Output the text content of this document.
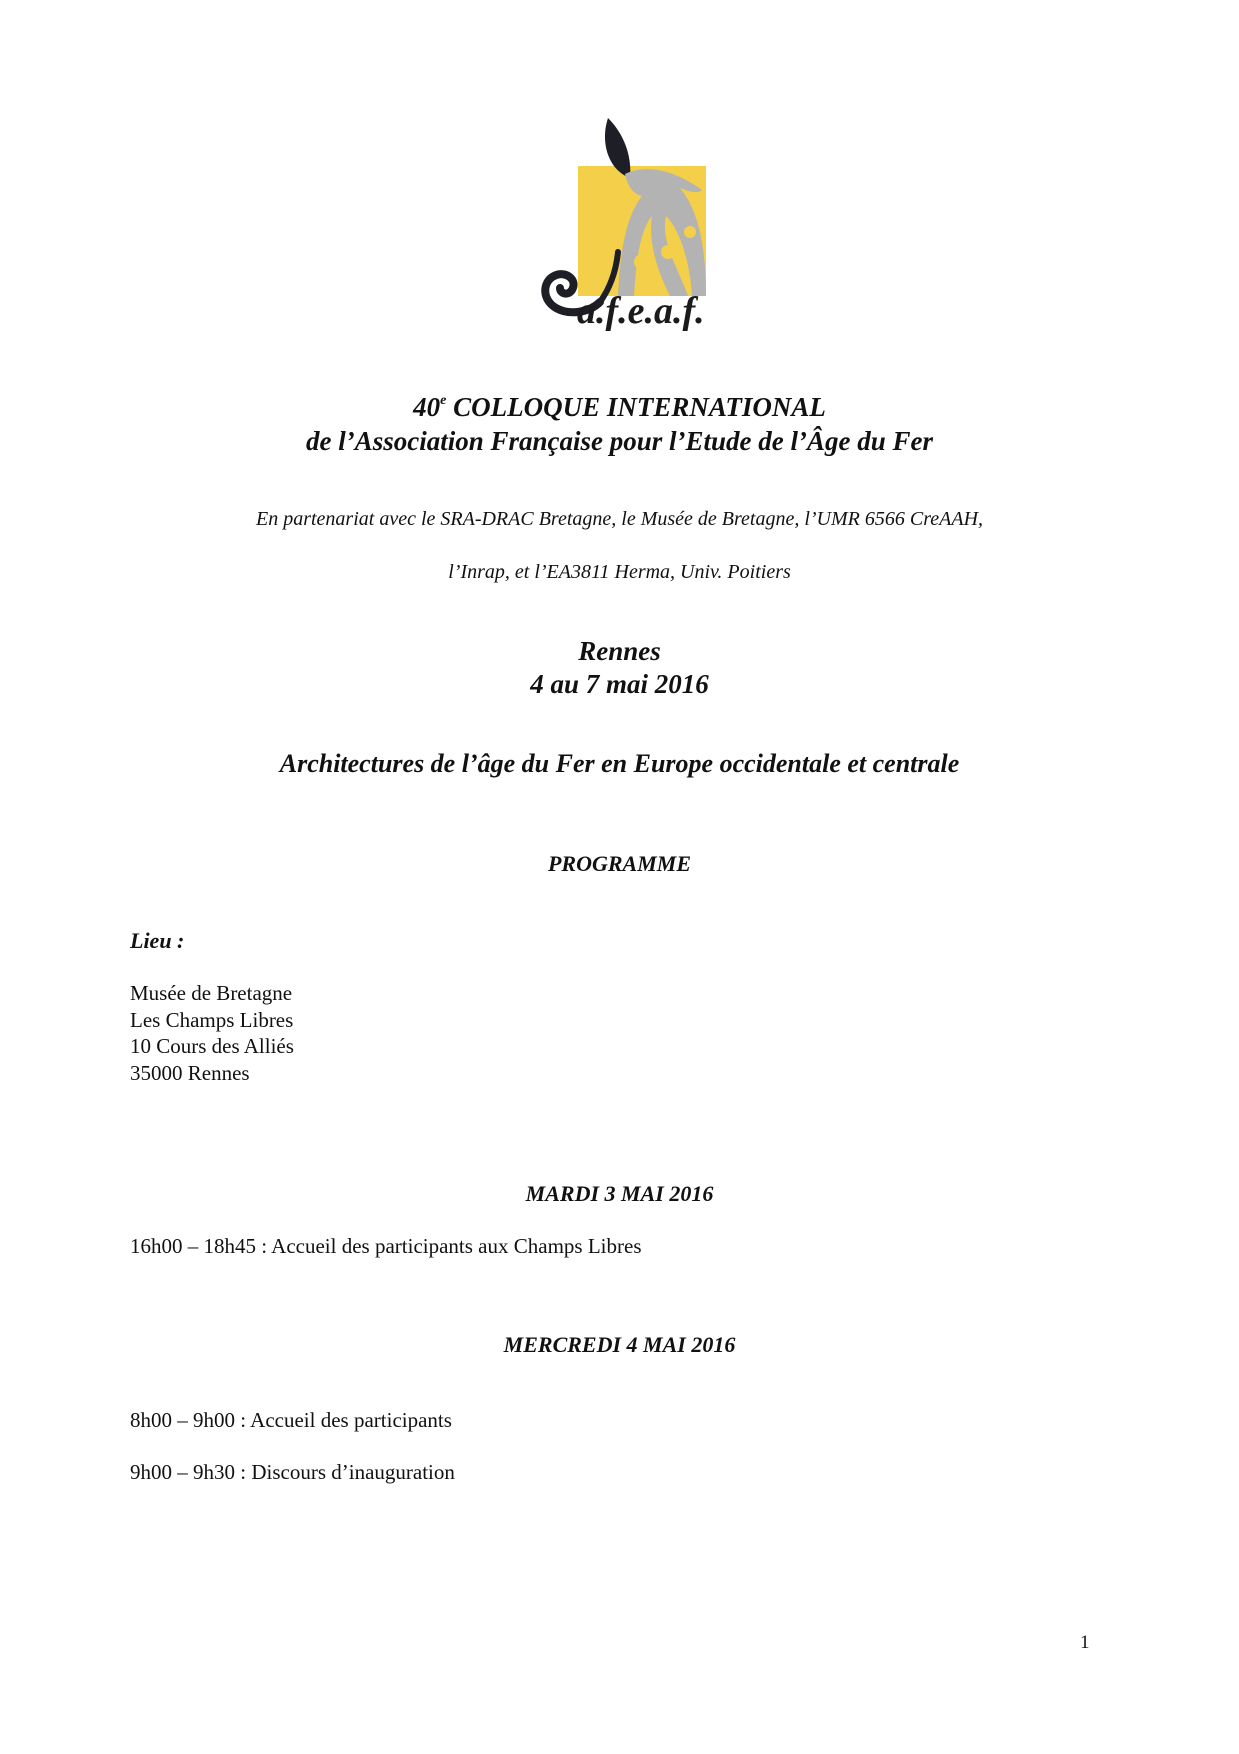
a.f.e.a.f.
40e COLLOQUE INTERNATIONAL
de l’Association Française pour l’Etude de l’Âge du Fer
En partenariat avec le SRA-DRAC Bretagne, le Musée de Bretagne, l’UMR 6566 CreAAH,
l’Inrap, et l’EA3811 Herma, Univ. Poitiers
Rennes
4 au 7 mai 2016
Architectures de l’âge du Fer en Europe occidentale et centrale
PROGRAMME
Lieu :
Musée de Bretagne
Les Champs Libres
10 Cours des Alliés
35000 Rennes
MARDI 3 MAI 2016
16h00 – 18h45 : Accueil des participants aux Champs Libres
MERCREDI 4 MAI 2016
8h00 – 9h00 : Accueil des participants
9h00 – 9h30 : Discours d’inauguration
1
